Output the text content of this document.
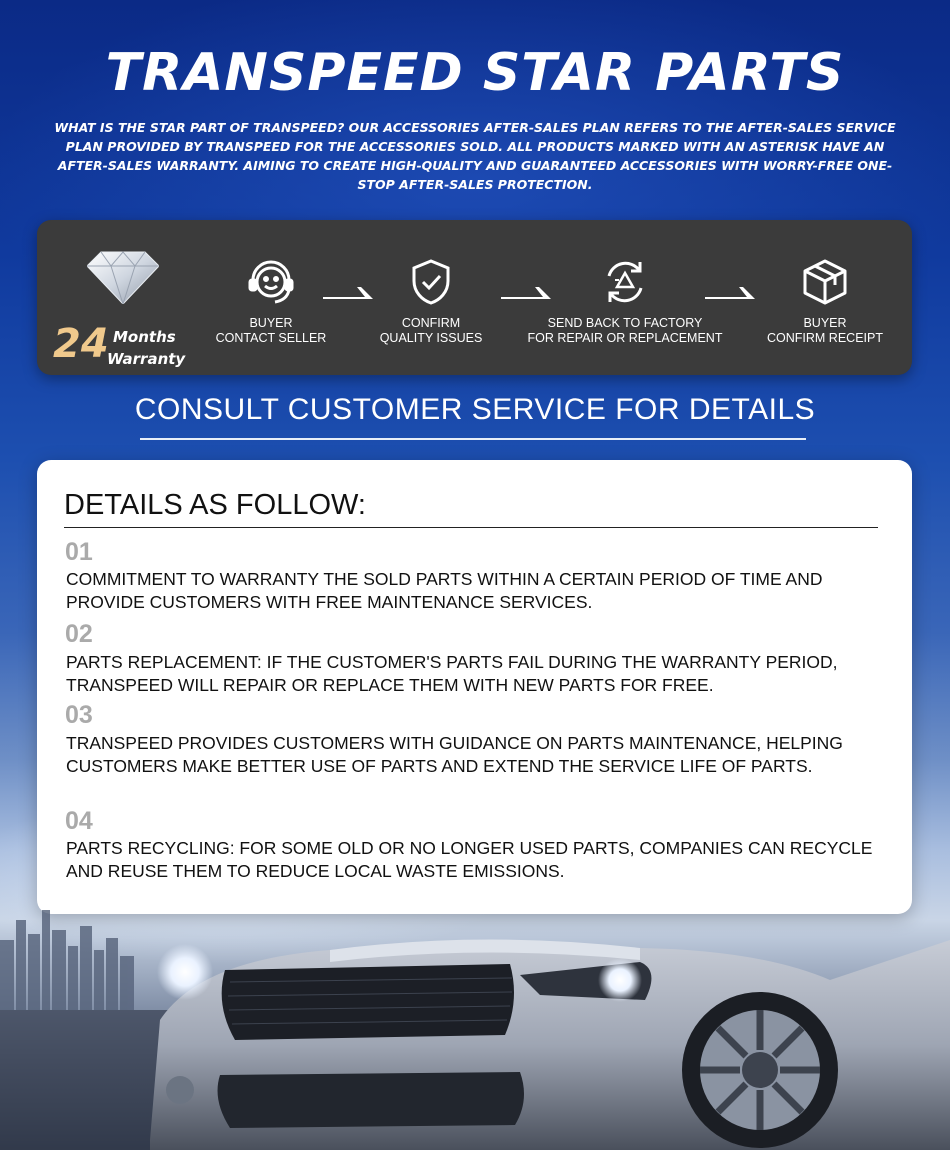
TRANSPEED STAR PARTS

WHAT IS THE STAR PART OF TRANSPEED? OUR ACCESSORIES AFTER-SALES PLAN REFERS TO THE AFTER-SALES SERVICE PLAN PROVIDED BY TRANSPEED FOR THE ACCESSORIES SOLD. ALL PRODUCTS MARKED WITH AN ASTERISK HAVE AN AFTER-SALES WARRANTY. AIMING TO CREATE HIGH-QUALITY AND GUARANTEED ACCESSORIES WITH WORRY-FREE ONE-STOP AFTER-SALES PROTECTION.

24 Months
Warranty
BUYER
CONTACT SELLER
CONFIRM
QUALITY ISSUES
SEND BACK TO FACTORY
FOR REPAIR OR REPLACEMENT
BUYER
CONFIRM RECEIPT
CONSULT CUSTOMER SERVICE FOR DETAILS
DETAILS AS FOLLOW:
01
COMMITMENT TO WARRANTY THE SOLD PARTS WITHIN A CERTAIN PERIOD OF TIME AND
PROVIDE CUSTOMERS WITH FREE MAINTENANCE SERVICES.
02
PARTS REPLACEMENT: IF THE CUSTOMER'S PARTS FAIL DURING THE WARRANTY PERIOD,
TRANSPEED WILL REPAIR OR REPLACE THEM WITH NEW PARTS FOR FREE.
03
TRANSPEED PROVIDES CUSTOMERS WITH GUIDANCE ON PARTS MAINTENANCE, HELPING
CUSTOMERS MAKE BETTER USE OF PARTS AND EXTEND THE SERVICE LIFE OF PARTS.
04
PARTS RECYCLING: FOR SOME OLD OR NO LONGER USED PARTS, COMPANIES CAN RECYCLE
AND REUSE THEM TO REDUCE LOCAL WASTE EMISSIONS.
